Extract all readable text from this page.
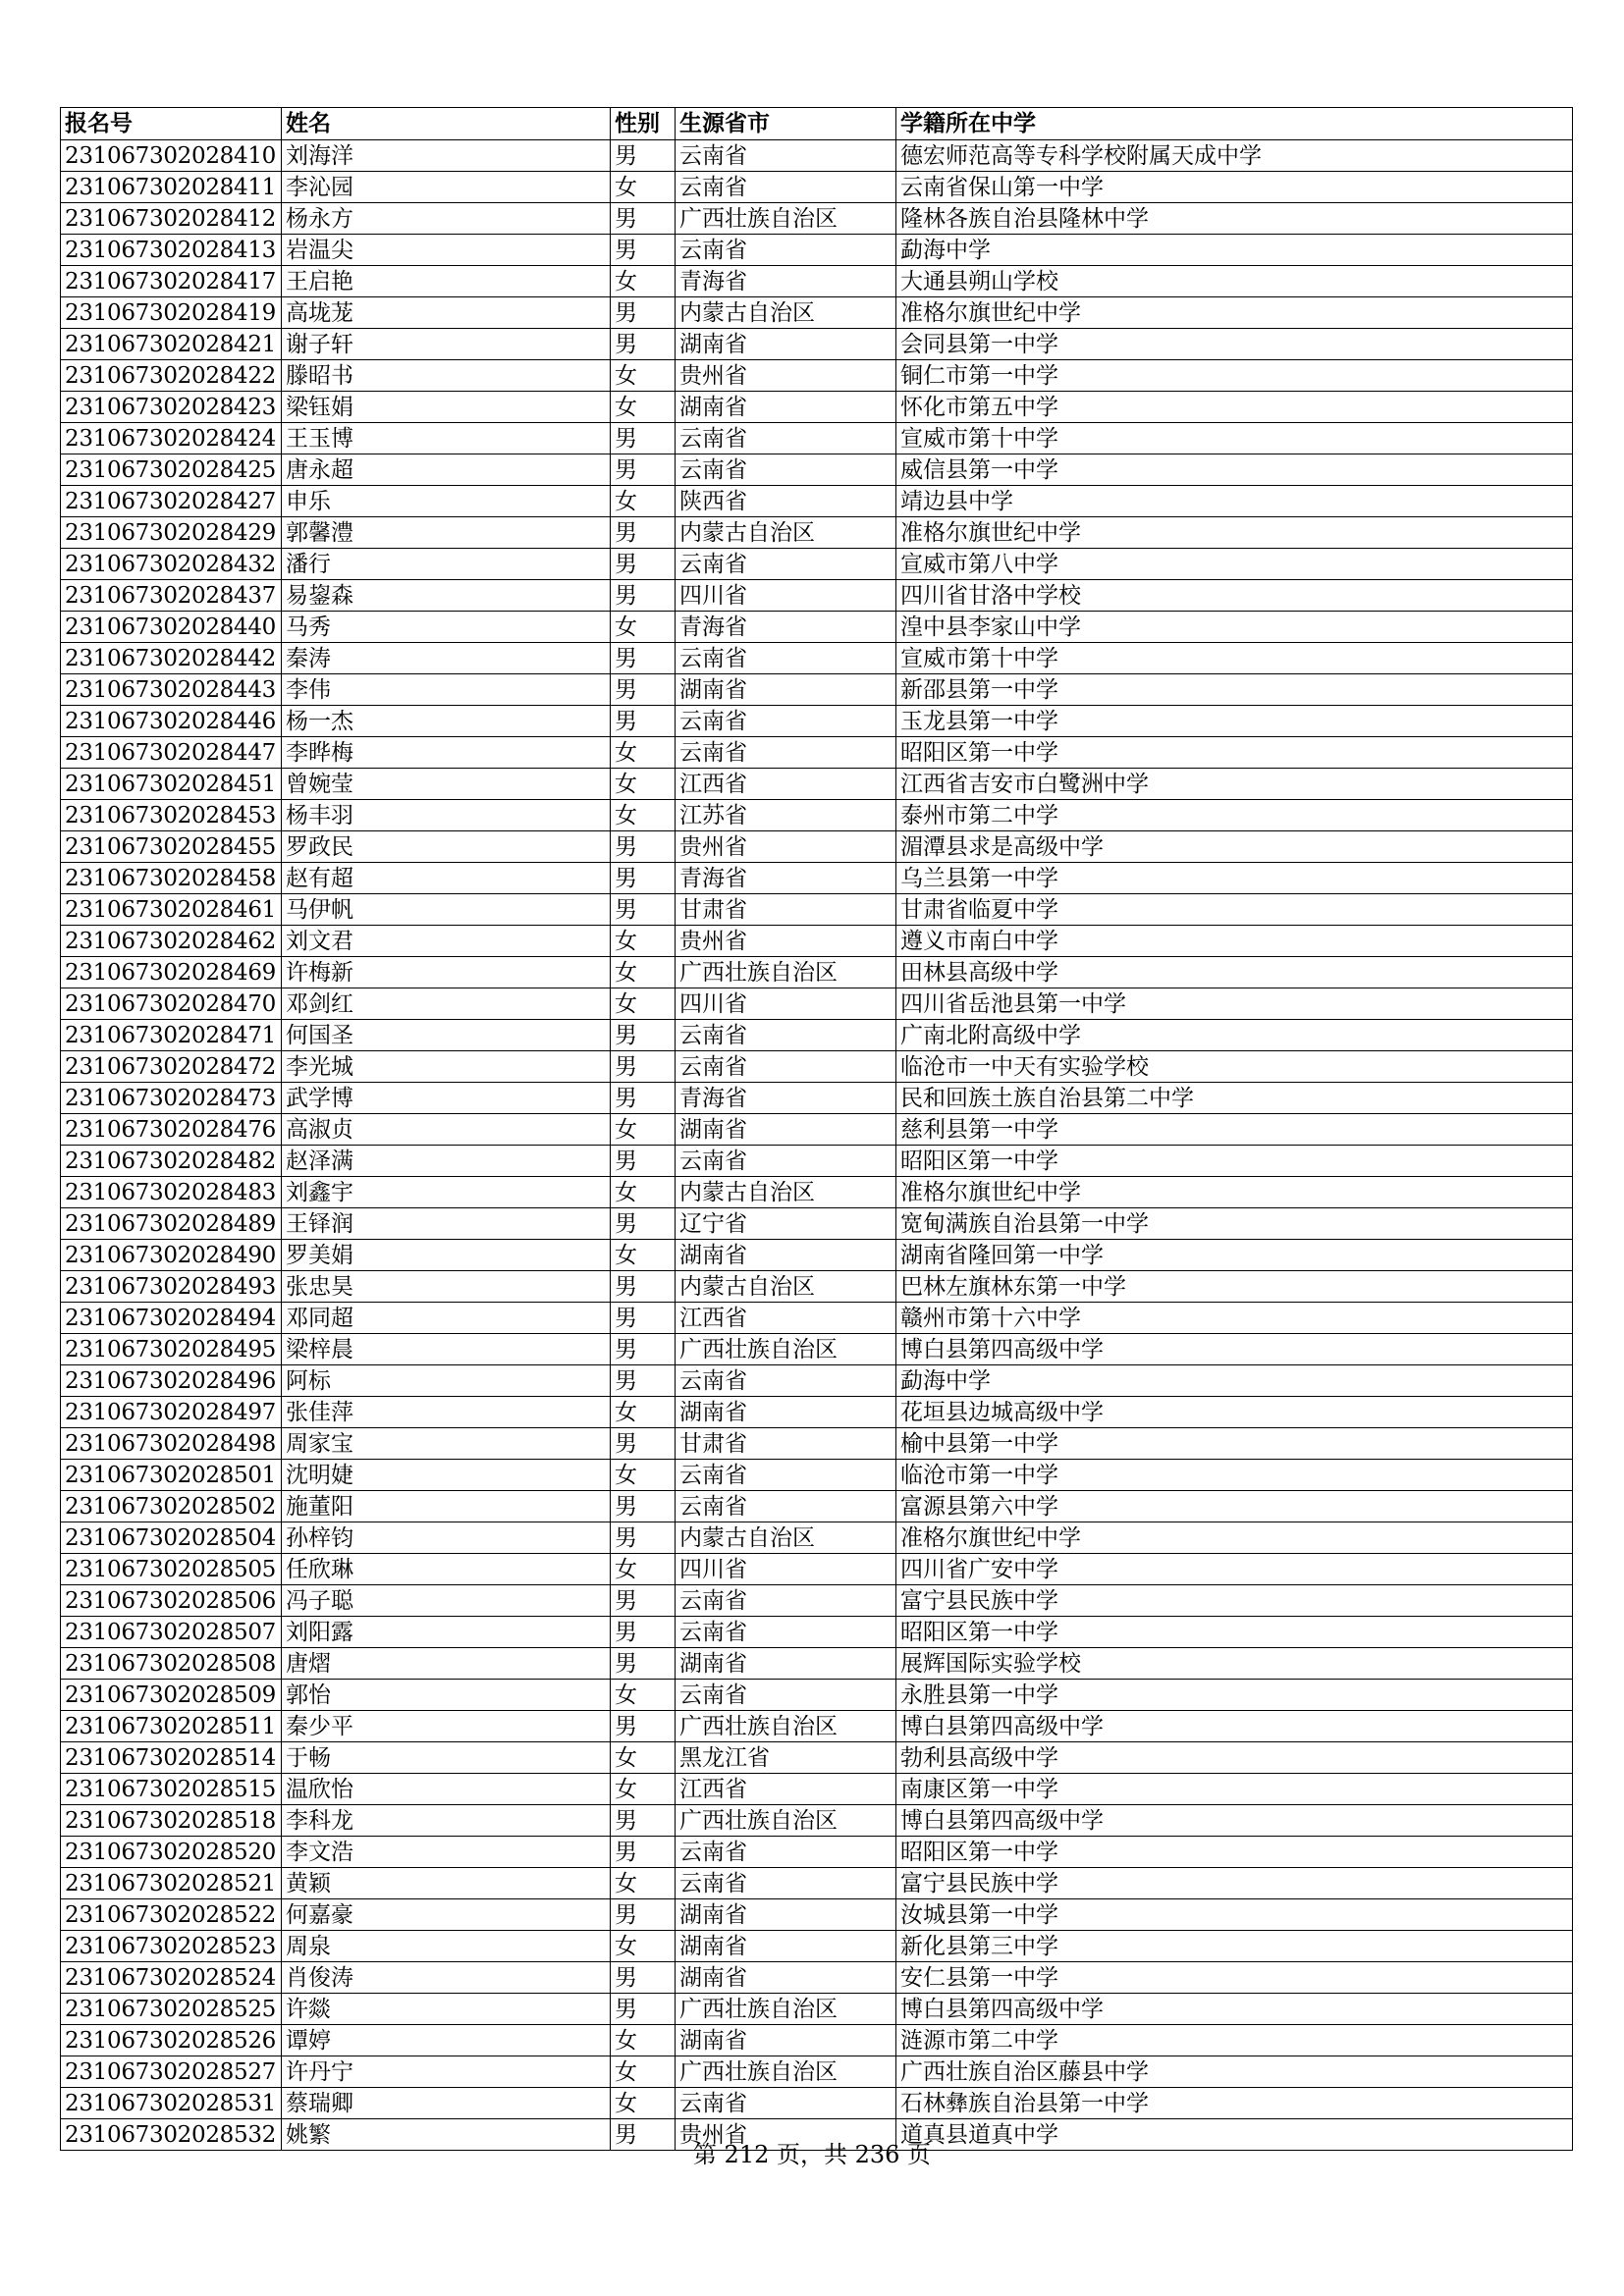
报名号	姓名	性别	生源省市	学籍所在中学
231067302028410	刘海洋	男	云南省	德宏师范高等专科学校附属天成中学
231067302028411	李沁园	女	云南省	云南省保山第一中学
231067302028412	杨永方	男	广西壮族自治区	隆林各族自治县隆林中学
231067302028413	岩温尖	男	云南省	勐海中学
231067302028417	王启艳	女	青海省	大通县朔山学校
231067302028419	高垅茏	男	内蒙古自治区	准格尔旗世纪中学
231067302028421	谢子轩	男	湖南省	会同县第一中学
231067302028422	滕昭书	女	贵州省	铜仁市第一中学
231067302028423	梁钰娟	女	湖南省	怀化市第五中学
231067302028424	王玉博	男	云南省	宣威市第十中学
231067302028425	唐永超	男	云南省	威信县第一中学
231067302028427	申乐	女	陕西省	靖边县中学
231067302028429	郭馨澧	男	内蒙古自治区	准格尔旗世纪中学
231067302028432	潘行	男	云南省	宣威市第八中学
231067302028437	易鋆森	男	四川省	四川省甘洛中学校
231067302028440	马秀	女	青海省	湟中县李家山中学
231067302028442	秦涛	男	云南省	宣威市第十中学
231067302028443	李伟	男	湖南省	新邵县第一中学
231067302028446	杨一杰	男	云南省	玉龙县第一中学
231067302028447	李晔梅	女	云南省	昭阳区第一中学
231067302028451	曾婉莹	女	江西省	江西省吉安市白鹭洲中学
231067302028453	杨丰羽	女	江苏省	泰州市第二中学
231067302028455	罗政民	男	贵州省	湄潭县求是高级中学
231067302028458	赵有超	男	青海省	乌兰县第一中学
231067302028461	马伊帆	男	甘肃省	甘肃省临夏中学
231067302028462	刘文君	女	贵州省	遵义市南白中学
231067302028469	许梅新	女	广西壮族自治区	田林县高级中学
231067302028470	邓剑红	女	四川省	四川省岳池县第一中学
231067302028471	何国圣	男	云南省	广南北附高级中学
231067302028472	李光城	男	云南省	临沧市一中天有实验学校
231067302028473	武学博	男	青海省	民和回族土族自治县第二中学
231067302028476	高淑贞	女	湖南省	慈利县第一中学
231067302028482	赵泽满	男	云南省	昭阳区第一中学
231067302028483	刘鑫宇	女	内蒙古自治区	准格尔旗世纪中学
231067302028489	王铎润	男	辽宁省	宽甸满族自治县第一中学
231067302028490	罗美娟	女	湖南省	湖南省隆回第一中学
231067302028493	张忠昊	男	内蒙古自治区	巴林左旗林东第一中学
231067302028494	邓同超	男	江西省	赣州市第十六中学
231067302028495	梁梓晨	男	广西壮族自治区	博白县第四高级中学
231067302028496	阿标	男	云南省	勐海中学
231067302028497	张佳萍	女	湖南省	花垣县边城高级中学
231067302028498	周家宝	男	甘肃省	榆中县第一中学
231067302028501	沈明婕	女	云南省	临沧市第一中学
231067302028502	施董阳	男	云南省	富源县第六中学
231067302028504	孙梓钧	男	内蒙古自治区	准格尔旗世纪中学
231067302028505	任欣琳	女	四川省	四川省广安中学
231067302028506	冯子聪	男	云南省	富宁县民族中学
231067302028507	刘阳露	男	云南省	昭阳区第一中学
231067302028508	唐熠	男	湖南省	展辉国际实验学校
231067302028509	郭怡	女	云南省	永胜县第一中学
231067302028511	秦少平	男	广西壮族自治区	博白县第四高级中学
231067302028514	于畅	女	黑龙江省	勃利县高级中学
231067302028515	温欣怡	女	江西省	南康区第一中学
231067302028518	李科龙	男	广西壮族自治区	博白县第四高级中学
231067302028520	李文浩	男	云南省	昭阳区第一中学
231067302028521	黄颖	女	云南省	富宁县民族中学
231067302028522	何嘉豪	男	湖南省	汝城县第一中学
231067302028523	周泉	女	湖南省	新化县第三中学
231067302028524	肖俊涛	男	湖南省	安仁县第一中学
231067302028525	许燚	男	广西壮族自治区	博白县第四高级中学
231067302028526	谭婷	女	湖南省	涟源市第二中学
231067302028527	许丹宁	女	广西壮族自治区	广西壮族自治区藤县中学
231067302028531	蔡瑞卿	女	云南省	石林彝族自治县第一中学
231067302028532	姚繁	男	贵州省	道真县道真中学
第 212 页，共 236 页
